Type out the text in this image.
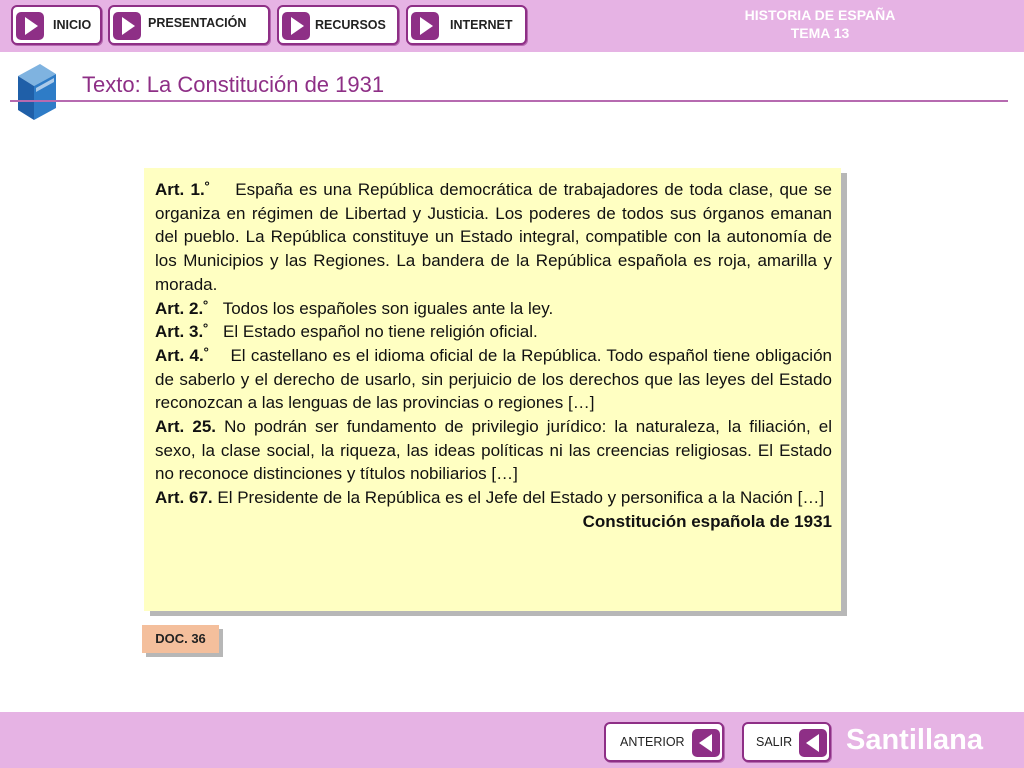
INICIO	PRESENTACIÓN	RECURSOS	INTERNET
HISTORIA DE ESPAÑA
TEMA 13
Texto: La Constitución de 1931

Art. 1.˚ España es una República democrática de trabajadores de toda clase, que se organiza en régimen de Libertad y Justicia. Los poderes de todos sus órganos emanan del pueblo. La República constituye un Estado integral, compatible con la autonomía de los Municipios y las Regiones. La bandera de la República española es roja, amarilla y morada.

Art. 2.˚ Todos los españoles son iguales ante la ley.

Art. 3.˚ El Estado español no tiene religión oficial.

Art. 4.˚ El castellano es el idioma oficial de la República. Todo español tiene obligación de saberlo y el derecho de usarlo, sin perjuicio de los derechos que las leyes del Estado reconozcan a las lenguas de las provincias o regiones […]

Art. 25. No podrán ser fundamento de privilegio jurídico: la naturaleza, la filiación, el sexo, la clase social, la riqueza, las ideas políticas ni las creencias religiosas. El Estado no reconoce distinciones y títulos nobiliarios […]

Art. 67. El Presidente de la República es el Jefe del Estado y personifica a la Nación […]

Constitución española de 1931

DOC. 36
ANTERIOR	SALIR Santillana
